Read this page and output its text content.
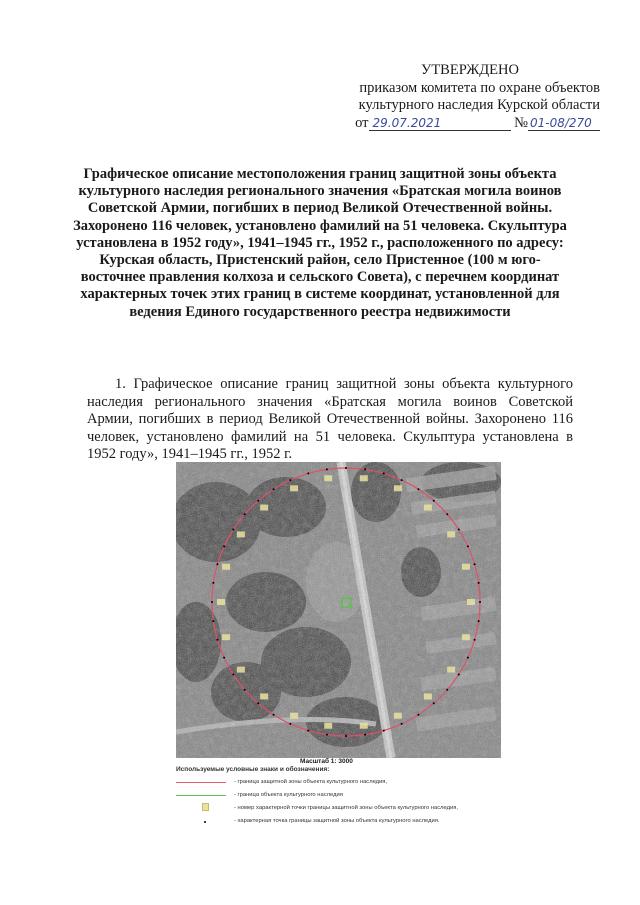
УТВЕРЖДЕНО
приказом комитета по охране объектов
культурного наследия Курской области
от 29.07.2021	№ 01-08/270
Графическое описание местоположения границ защитной зоны объекта культурного наследия регионального значения «Братская могила воинов Советской Армии, погибших в период Великой Отечественной войны. Захоронено 116 человек, установлено фамилий на 51 человека. Скульптура установлена в 1952 году», 1941–1945 гг., 1952 г., расположенного по адресу: Курская область, Пристенский район, село Пристенное (100 м юго-восточнее правления колхоза и сельского Совета), с перечнем координат характерных точек этих границ в системе координат, установленной для ведения Единого государственного реестра недвижимости
1. Графическое описание границ защитной зоны объекта культурного наследия регионального значения «Братская могила воинов Советской Армии, погибших в период Великой Отечественной войны. Захоронено 116 человек, установлено фамилий на 51 человека. Скульптура установлена в 1952 году», 1941–1945 гг., 1952 г.
Масштаб 1: 3000
Используемые условные знаки и обозначения:
- граница защитной зоны объекта культурного наследия,
- граница объекта культурного наследия
- номер характерной точки границы защитной зоны объекта культурного наследия,
- характерная точка границы защитной зоны объекта культурного наследия.
